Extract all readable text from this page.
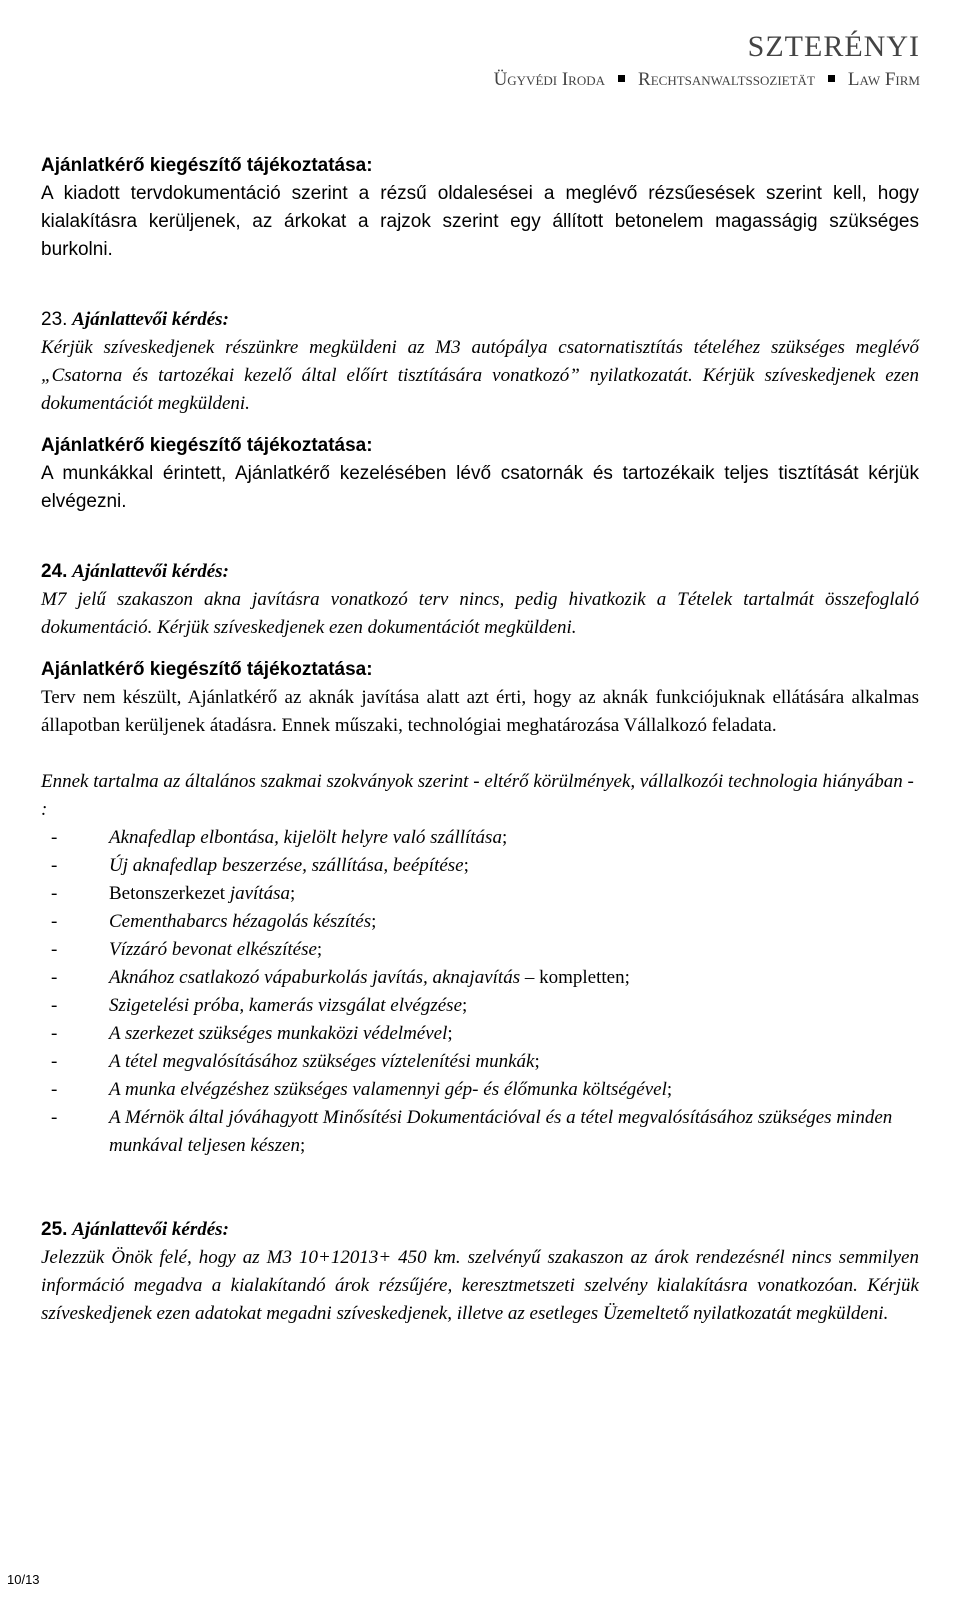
SZTERÉNYI
Ügyvédi Iroda Rechtsanwaltssozietät Law Firm

Ajánlatkérő kiegészítő tájékoztatása:

A kiadott tervdokumentáció szerint a rézsű oldalesései a meglévő rézsűesések szerint kell, hogy kialakításra kerüljenek, az árkokat a rajzok szerint egy állított betonelem magasságig szükséges burkolni.

23. Ajánlattevői kérdés:

Kérjük szíveskedjenek részünkre megküldeni az M3 autópálya csatornatisztítás tételéhez szükséges meglévő „Csatorna és tartozékai kezelő által előírt tisztítására vonatkozó” nyilatkozatát. Kérjük szíveskedjenek ezen dokumentációt megküldeni.

Ajánlatkérő kiegészítő tájékoztatása:

A munkákkal érintett, Ajánlatkérő kezelésében lévő csatornák és tartozékaik teljes tisztítását kérjük elvégezni.

24. Ajánlattevői kérdés:

M7 jelű szakaszon akna javításra vonatkozó terv nincs, pedig hivatkozik a Tételek tartalmát összefoglaló dokumentáció. Kérjük szíveskedjenek ezen dokumentációt megküldeni.

Ajánlatkérő kiegészítő tájékoztatása:

Terv nem készült, Ajánlatkérő az aknák javítása alatt azt érti, hogy az aknák funkciójuknak ellátására alkalmas állapotban kerüljenek átadásra. Ennek műszaki, technológiai meghatározása Vállalkozó feladata.

Ennek tartalma az általános szakmai szokványok szerint - eltérő körülmények, vállalkozói technologia hiányában - :

-	Aknafedlap elbontása, kijelölt helyre való szállítása;
-	Új aknafedlap beszerzése, szállítása, beépítése;
-	Betonszerkezet javítása;
-	Cementhabarcs hézagolás készítés;
-	Vízzáró bevonat elkészítése;
-	Aknához csatlakozó vápaburkolás javítás, aknajavítás – kompletten;
-	Szigetelési próba, kamerás vizsgálat elvégzése;
-	A szerkezet szükséges munkaközi védelmével;
-	A tétel megvalósításához szükséges víztelenítési munkák;
-	A munka elvégzéshez szükséges valamennyi gép- és élőmunka költségével;
-	A Mérnök által jóváhagyott Minősítési Dokumentációval és a tétel megvalósításához szükséges minden munkával teljesen készen;

25. Ajánlattevői kérdés:

Jelezzük Önök felé, hogy az M3 10+12013+ 450 km. szelvényű szakaszon az árok rendezésnél nincs semmilyen információ megadva a kialakítandó árok rézsűjére, keresztmetszeti szelvény kialakításra vonatkozóan. Kérjük szíveskedjenek ezen adatokat megadni szíveskedjenek, illetve az esetleges Üzemeltető nyilatkozatát megküldeni.

10/13
